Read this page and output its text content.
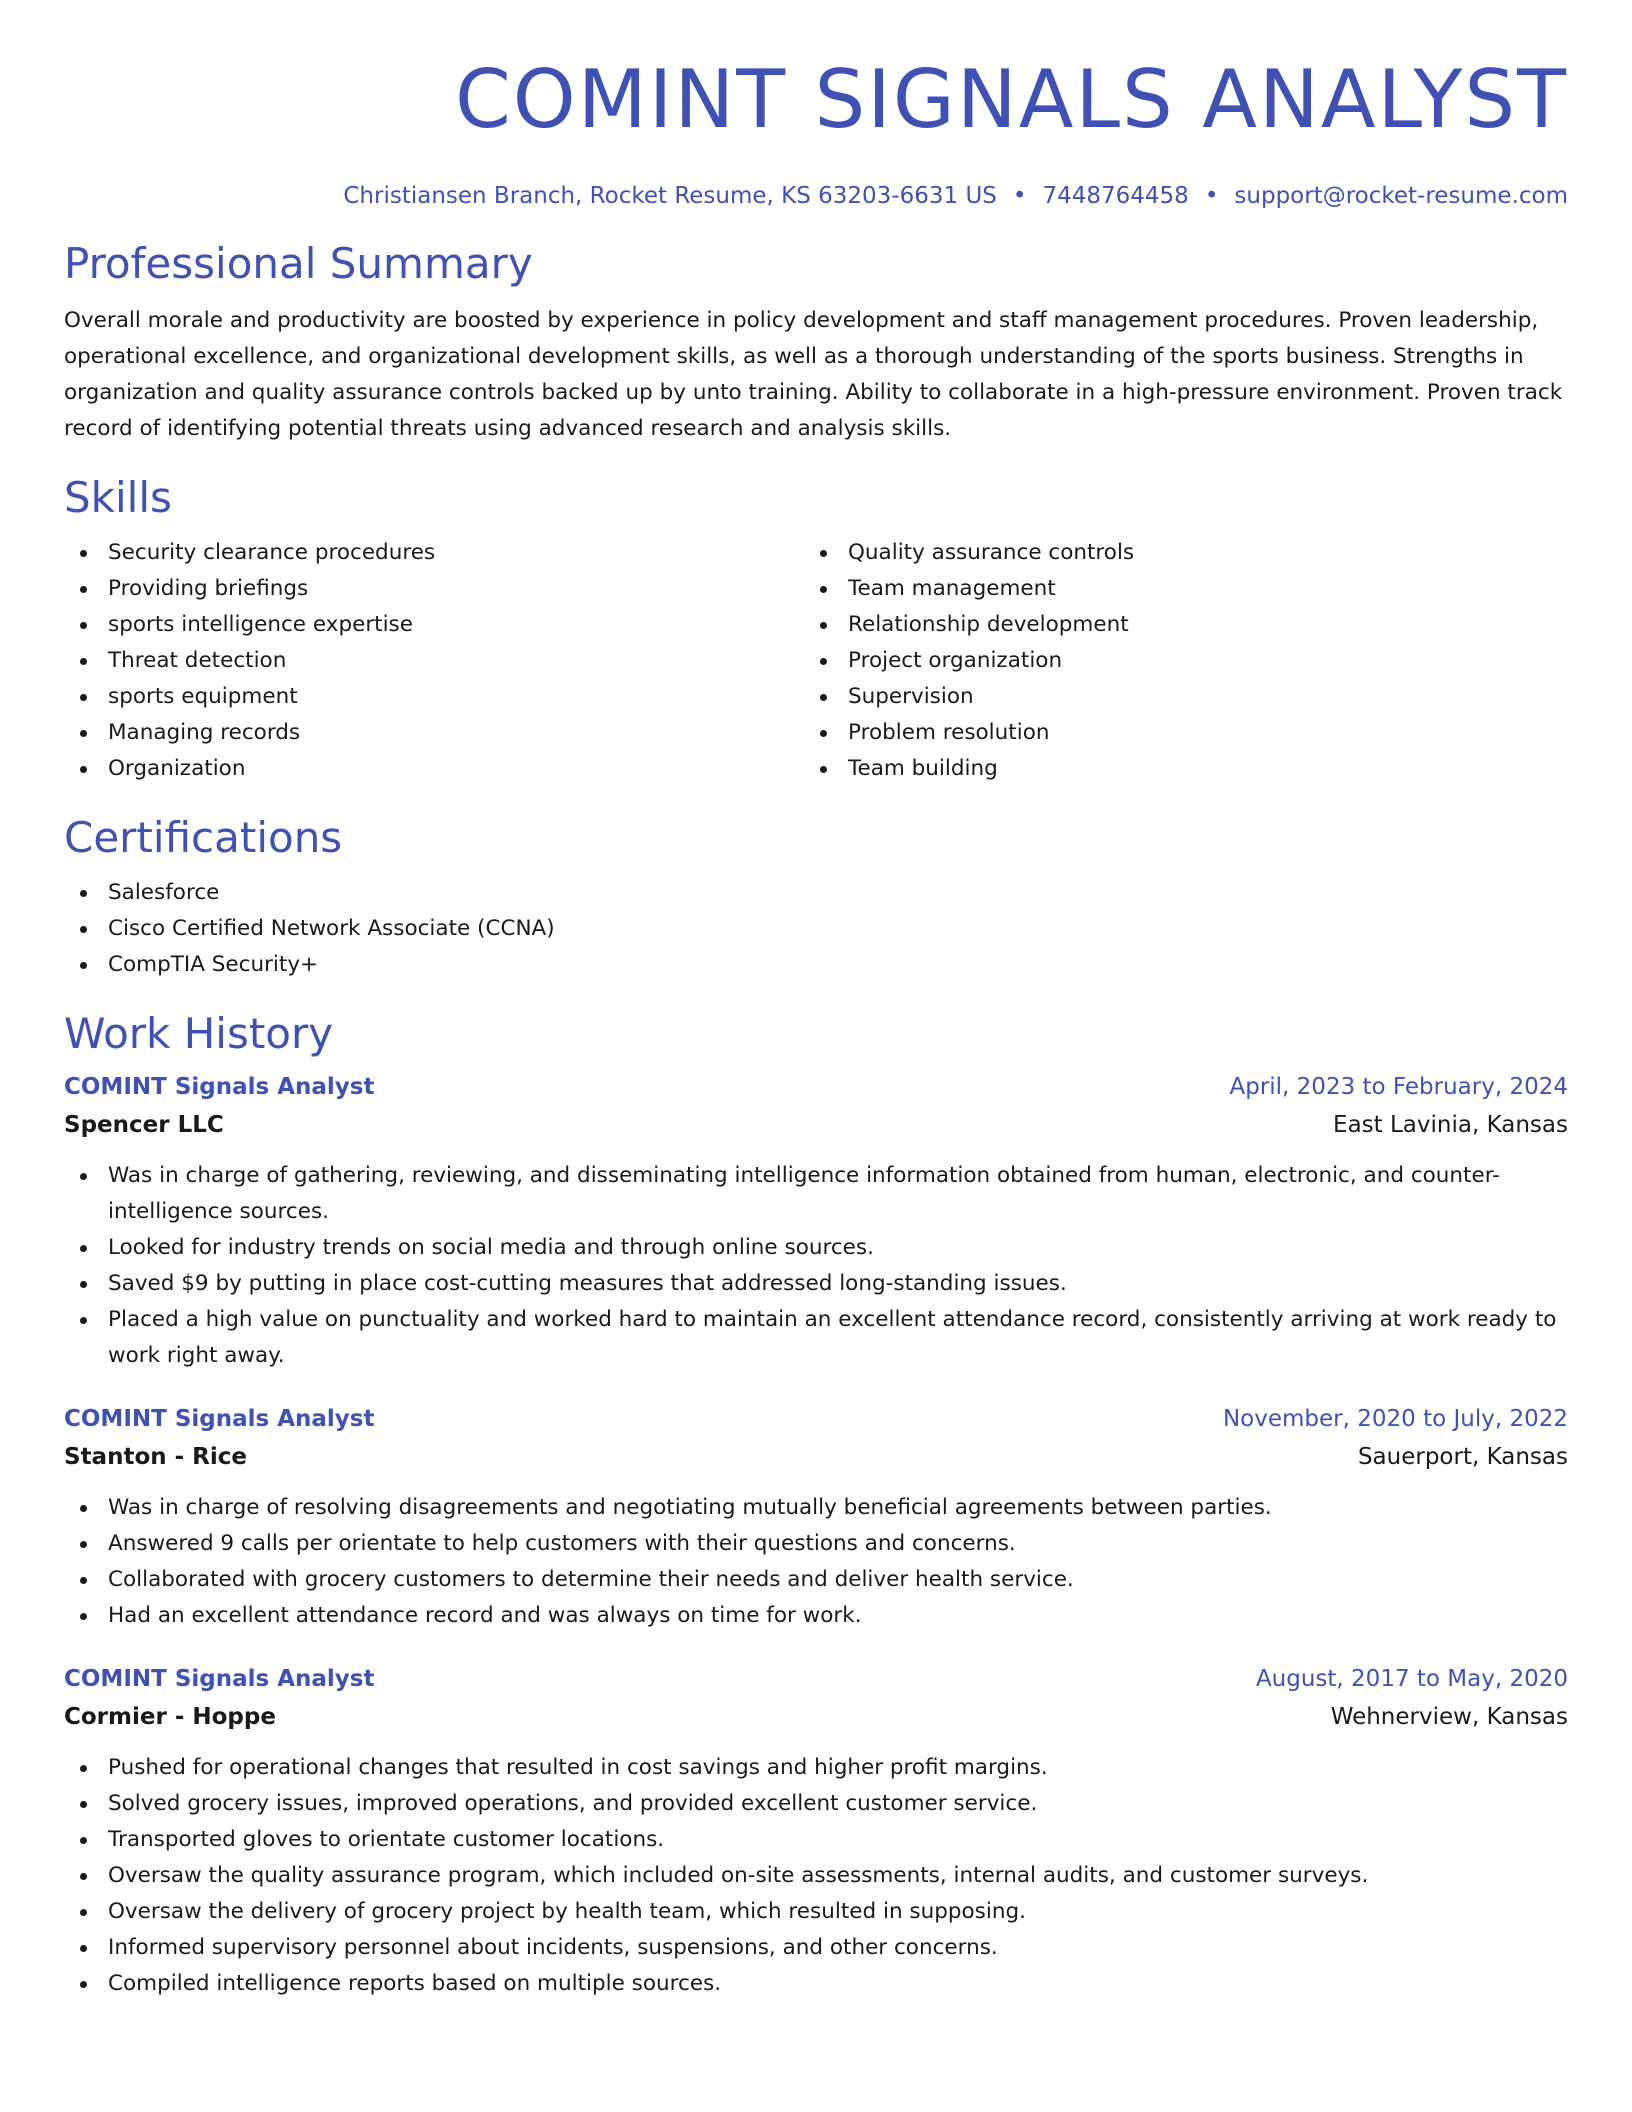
COMINT SIGNALS ANALYST
Christiansen Branch, Rocket Resume, KS 63203-6631 US • 7448764458 • support@rocket-resume.com
Professional Summary

Overall morale and productivity are boosted by experience in policy development and staff management procedures. Proven leadership, operational excellence, and organizational development skills, as well as a thorough understanding of the sports business. Strengths in organization and quality assurance controls backed up by unto training. Ability to collaborate in a high-pressure environment. Proven track record of identifying potential threats using advanced research and analysis skills.

Skills
Security clearance procedures
Providing briefings
sports intelligence expertise
Threat detection
sports equipment
Managing records
Organization
Quality assurance controls
Team management
Relationship development
Project organization
Supervision
Problem resolution
Team building
Certifications
Salesforce
Cisco Certified Network Associate (CCNA)
CompTIA Security+
Work History
COMINT Signals Analyst	April, 2023 to February, 2024
Spencer LLC	East Lavinia, Kansas
Was in charge of gathering, reviewing, and disseminating intelligence information obtained from human, electronic, and counter-intelligence sources.
Looked for industry trends on social media and through online sources.
Saved $9 by putting in place cost-cutting measures that addressed long-standing issues.
Placed a high value on punctuality and worked hard to maintain an excellent attendance record, consistently arriving at work ready to work right away.
COMINT Signals Analyst	November, 2020 to July, 2022
Stanton - Rice	Sauerport, Kansas
Was in charge of resolving disagreements and negotiating mutually beneficial agreements between parties.
Answered 9 calls per orientate to help customers with their questions and concerns.
Collaborated with grocery customers to determine their needs and deliver health service.
Had an excellent attendance record and was always on time for work.
COMINT Signals Analyst	August, 2017 to May, 2020
Cormier - Hoppe	Wehnerview, Kansas
Pushed for operational changes that resulted in cost savings and higher profit margins.
Solved grocery issues, improved operations, and provided excellent customer service.
Transported gloves to orientate customer locations.
Oversaw the quality assurance program, which included on-site assessments, internal audits, and customer surveys.
Oversaw the delivery of grocery project by health team, which resulted in supposing.
Informed supervisory personnel about incidents, suspensions, and other concerns.
Compiled intelligence reports based on multiple sources.
